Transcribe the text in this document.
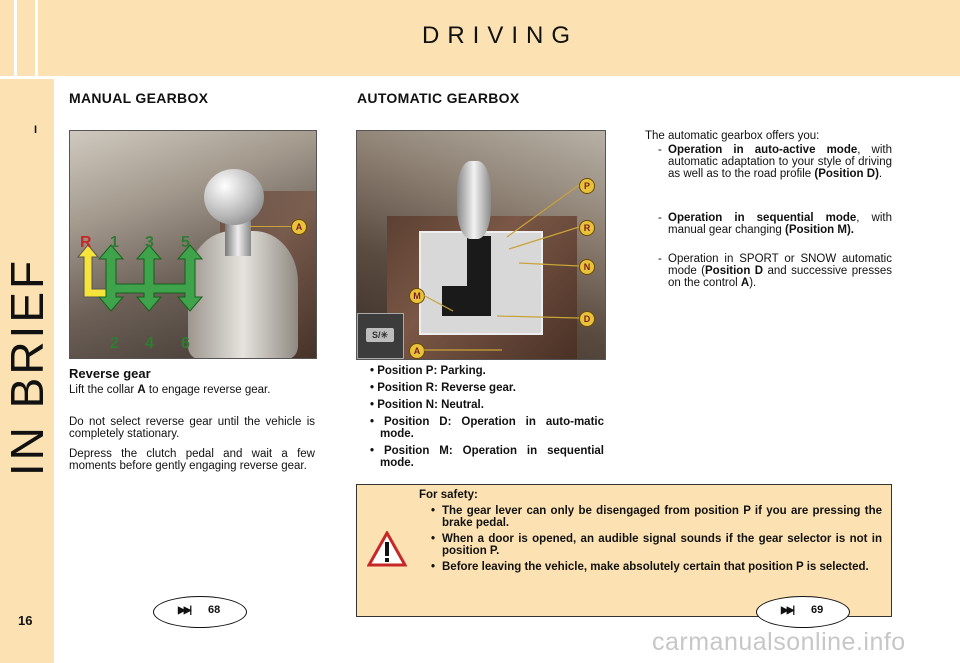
DRIVING
I
IN BRIEF
16
MANUAL GEARBOX	AUTOMATIC GEARBOX
A
R 1 3 5
2 4 6
P
R
N
D
M
A
S/✳
Reverse gear
Lift the collar A to engage reverse gear.
Do not select reverse gear until the vehicle is completely stationary.
Depress the clutch pedal and wait a few moments before gently engaging reverse gear.
• Position P: Parking.
• Position R: Reverse gear.
• Position N: Neutral.
• Position D: Operation in auto-matic mode.
• Position M: Operation in sequential mode.
The automatic gearbox offers you:
- Operation in auto-active mode, with automatic adaptation to your style of driving as well as to the road profile (Position D).
- Operation in sequential mode, with manual gear changing (Position M).
- Operation in SPORT or SNOW automatic mode (Position D and successive presses on the control A).
For safety:
• The gear lever can only be disengaged from position P if you are pressing the brake pedal.
• When a door is opened, an audible signal sounds if the gear selector is not in position P.
• Before leaving the vehicle, make absolutely certain that position P is selected.
▶▶| 68	▶▶| 69
carmanualsonline.info
